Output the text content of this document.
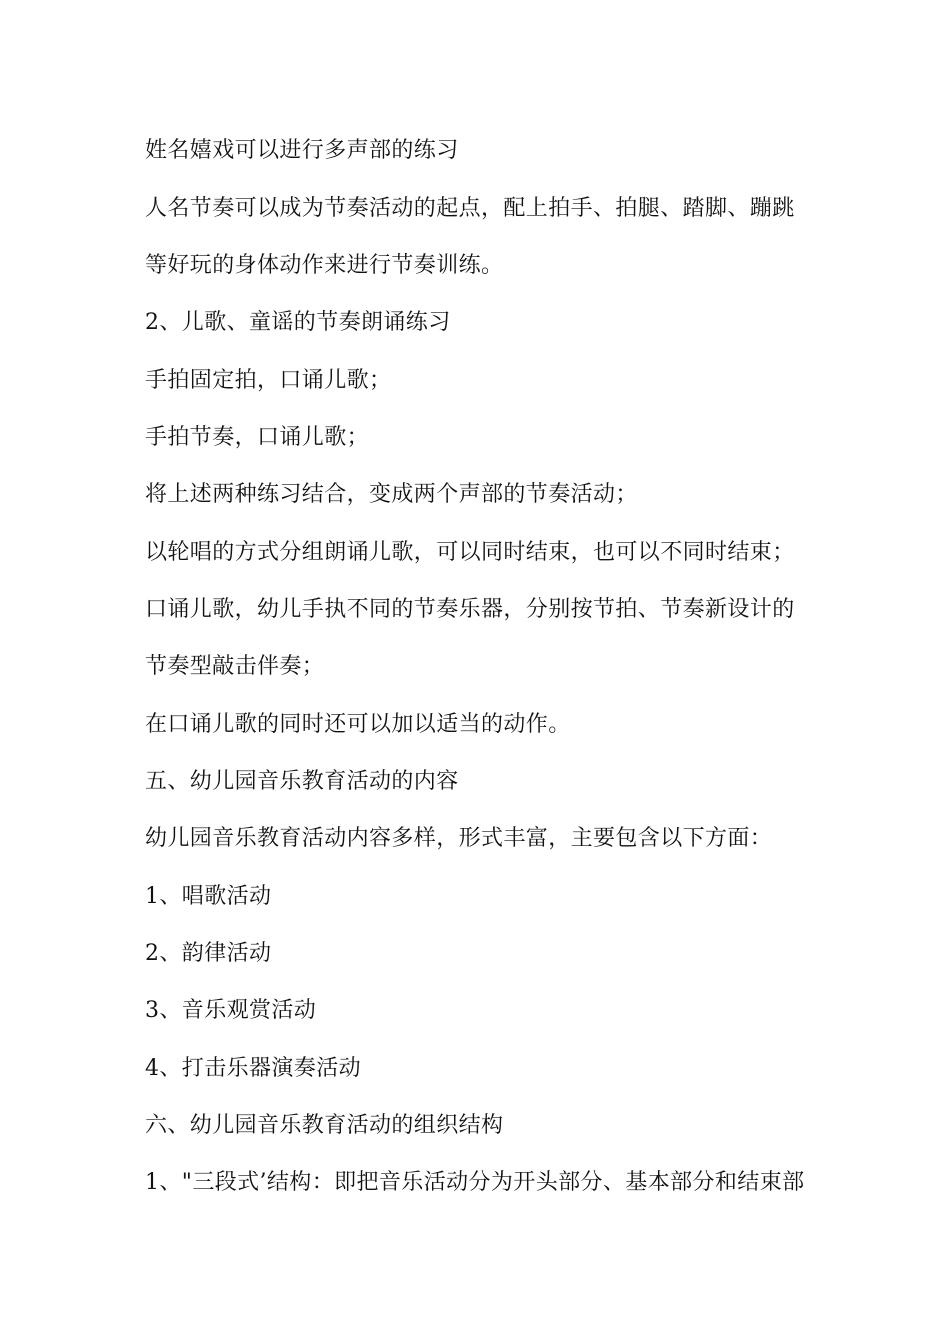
姓名嬉戏可以进行多声部的练习
人名节奏可以成为节奏活动的起点，配上拍手、拍腿、踏脚、蹦跳
等好玩的身体动作来进行节奏训练。
2、儿歌、童谣的节奏朗诵练习
手拍固定拍，口诵儿歌；
手拍节奏，口诵儿歌；
将上述两种练习结合，变成两个声部的节奏活动；
以轮唱的方式分组朗诵儿歌，可以同时结束，也可以不同时结束；
口诵儿歌，幼儿手执不同的节奏乐器，分别按节拍、节奏新设计的
节奏型敲击伴奏；
在口诵儿歌的同时还可以加以适当的动作。
五、幼儿园音乐教育活动的内容
幼儿园音乐教育活动内容多样，形式丰富，主要包含以下方面：
1、唱歌活动
2、韵律活动
3、音乐观赏活动
4、打击乐器演奏活动
六、幼儿园音乐教育活动的组织结构
1、"三段式’结构：即把音乐活动分为开头部分、基本部分和结束部
